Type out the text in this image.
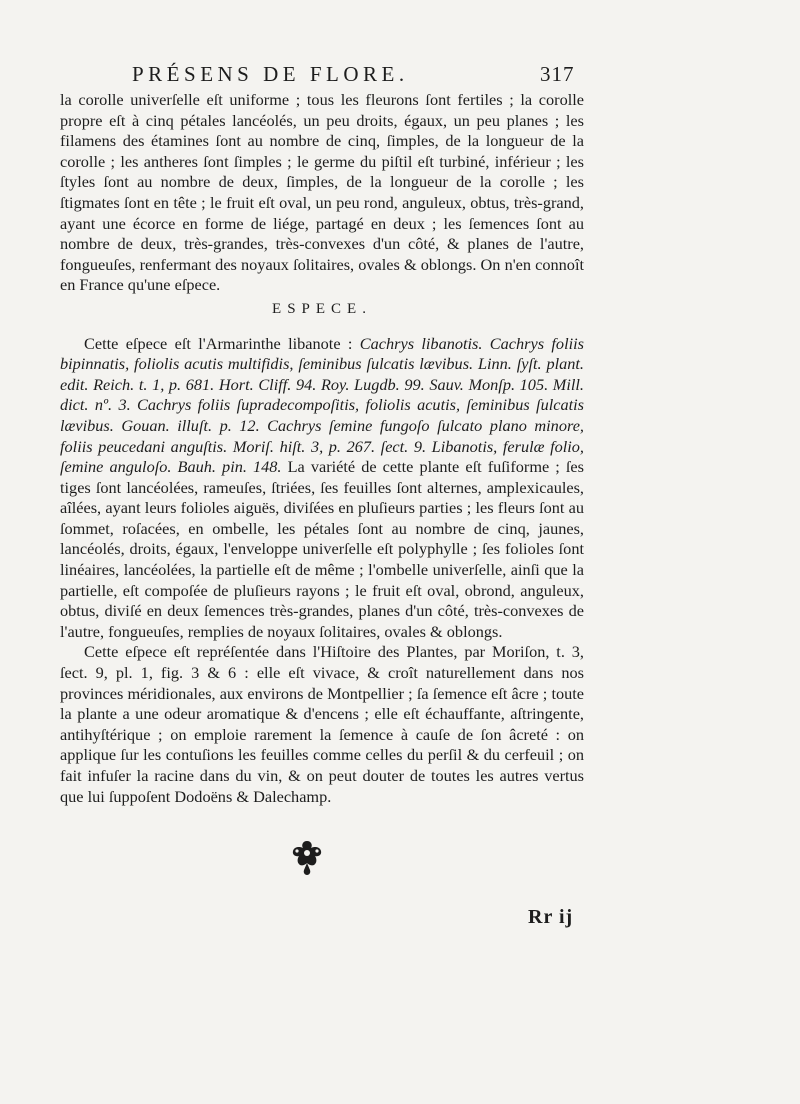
PRÉSENS DE FLORE.	317

la corolle univerſelle eſt uniforme ; tous les fleurons ſont fertiles ; la corolle propre eſt à cinq pétales lancéolés, un peu droits, égaux, un peu planes ; les filamens des étamines ſont au nombre de cinq, ſimples, de la longueur de la corolle ; les antheres ſont ſimples ; le germe du piſtil eſt turbiné, inférieur ; les ſtyles ſont au nombre de deux, ſimples, de la longueur de la corolle ; les ſtigmates ſont en tête ; le fruit eſt oval, un peu rond, anguleux, obtus, très-grand, ayant une écorce en forme de liége, partagé en deux ; les ſemences ſont au nombre de deux, très-grandes, très-convexes d'un côté, & planes de l'autre, fongueuſes, renfermant des noyaux ſolitaires, ovales & oblongs. On n'en connoît en France qu'une eſpece.

ESPECE.

Cette eſpece eſt l'Armarinthe libanote : Cachrys libanotis. Cachrys foliis bipinnatis, foliolis acutis multifidis, ſeminibus ſulcatis lævibus. Linn. ſyſt. plant. edit. Reich. t. 1, p. 681. Hort. Cliff. 94. Roy. Lugdb. 99. Sauv. Monſp. 105. Mill. dict. nº. 3. Cachrys foliis ſupradecompoſitis, foliolis acutis, ſeminibus ſulcatis lævibus. Gouan. illuſt. p. 12. Cachrys ſemine fungoſo ſulcato plano minore, foliis peucedani anguſtis. Moriſ. hiſt. 3, p. 267. ſect. 9. Libanotis, ferulæ folio, ſemine anguloſo. Bauh. pin. 148. La variété de cette plante eſt fuſiforme ; ſes tiges ſont lancéolées, rameuſes, ſtriées, ſes feuilles ſont alternes, amplexicaules, aîlées, ayant leurs folioles aiguës, diviſées en pluſieurs parties ; les fleurs ſont au ſommet, roſacées, en ombelle, les pétales ſont au nombre de cinq, jaunes, lancéolés, droits, égaux, l'enveloppe univerſelle eſt polyphylle ; ſes folioles ſont linéaires, lancéolées, la partielle eſt de même ; l'ombelle univerſelle, ainſi que la partielle, eſt compoſée de pluſieurs rayons ; le fruit eſt oval, obrond, anguleux, obtus, diviſé en deux ſemences très-grandes, planes d'un côté, très-convexes de l'autre, fongueuſes, remplies de noyaux ſolitaires, ovales & oblongs.

Cette eſpece eſt repréſentée dans l'Hiſtoire des Plantes, par Moriſon, t. 3, ſect. 9, pl. 1, fig. 3 & 6 : elle eſt vivace, & croît naturellement dans nos provinces méridionales, aux environs de Montpellier ; ſa ſemence eſt âcre ; toute la plante a une odeur aromatique & d'encens ; elle eſt échauffante, aſtringente, antihyſtérique ; on emploie rarement la ſemence à cauſe de ſon âcreté : on applique ſur les contuſions les feuilles comme celles du perſil & du cerfeuil ; on fait infuſer la racine dans du vin, & on peut douter de toutes les autres vertus que lui ſuppoſent Dodoëns & Dalechamp.

Rr ij
